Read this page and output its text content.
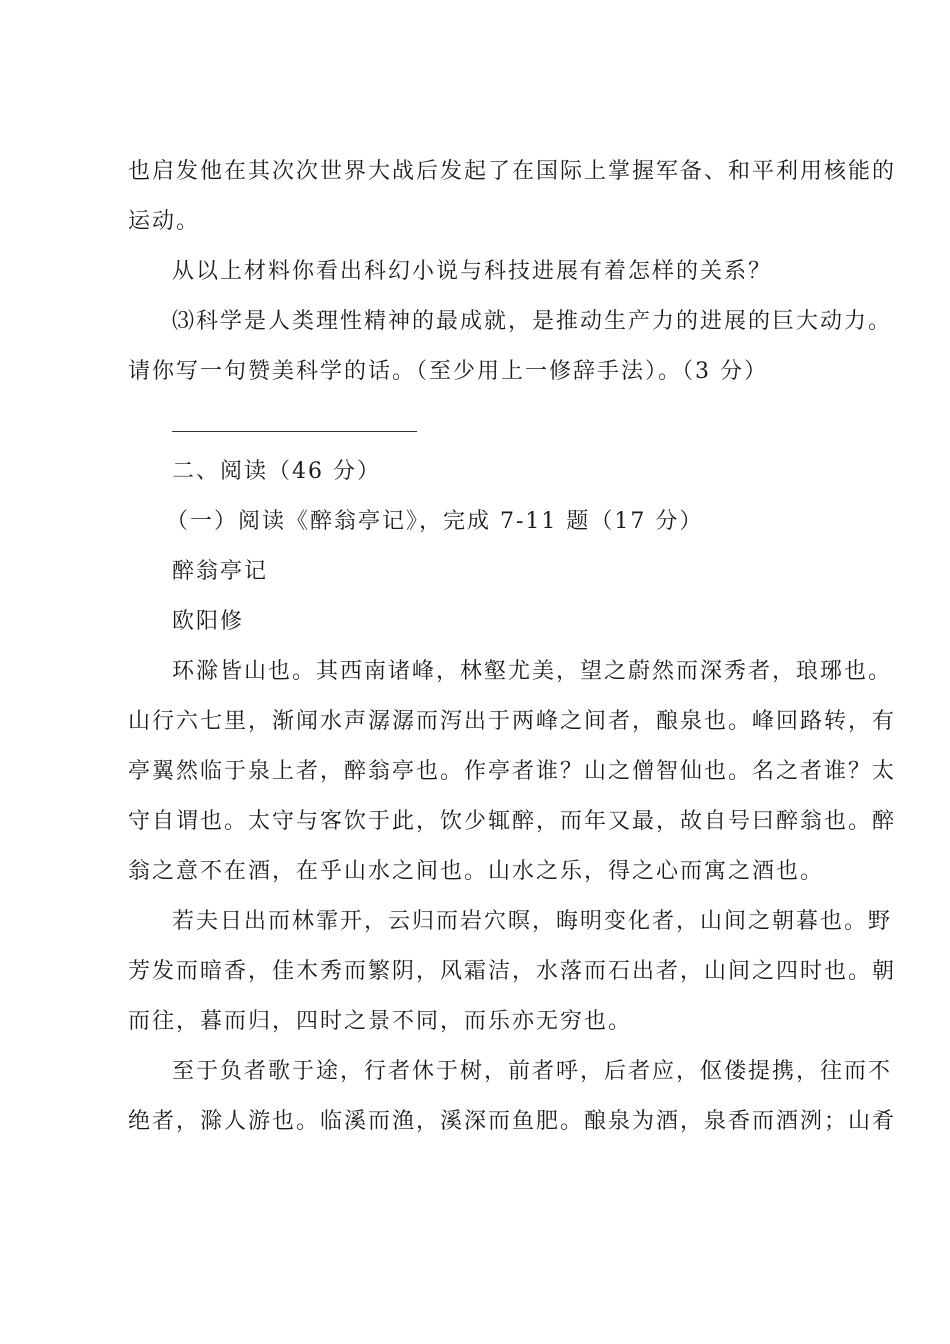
也启发他在其次次世界大战后发起了在国际上掌握军备、和平利用核能的
运动。
从以上材料你看出科幻小说与科技进展有着怎样的关系？
⑶科学是人类理性精神的最成就，是推动生产力的进展的巨大动力。
请你写一句赞美科学的话。（至少用上一修辞手法）。（3 分）
二、阅读（46 分）
（一）阅读《醉翁亭记》，完成 7-11 题（17 分）
醉翁亭记
欧阳修
环滁皆山也。其西南诸峰，林壑尤美，望之蔚然而深秀者，琅琊也。
山行六七里，渐闻水声潺潺而泻出于两峰之间者，酿泉也。峰回路转，有
亭翼然临于泉上者，醉翁亭也。作亭者谁？山之僧智仙也。名之者谁？太
守自谓也。太守与客饮于此，饮少辄醉，而年又最，故自号曰醉翁也。醉
翁之意不在酒，在乎山水之间也。山水之乐，得之心而寓之酒也。
若夫日出而林霏开，云归而岩穴暝，晦明变化者，山间之朝暮也。野
芳发而暗香，佳木秀而繁阴，风霜洁，水落而石出者，山间之四时也。朝
而往，暮而归，四时之景不同，而乐亦无穷也。
至于负者歌于途，行者休于树，前者呼，后者应，伛偻提携，往而不
绝者，滁人游也。临溪而渔，溪深而鱼肥。酿泉为酒，泉香而酒洌；山肴
